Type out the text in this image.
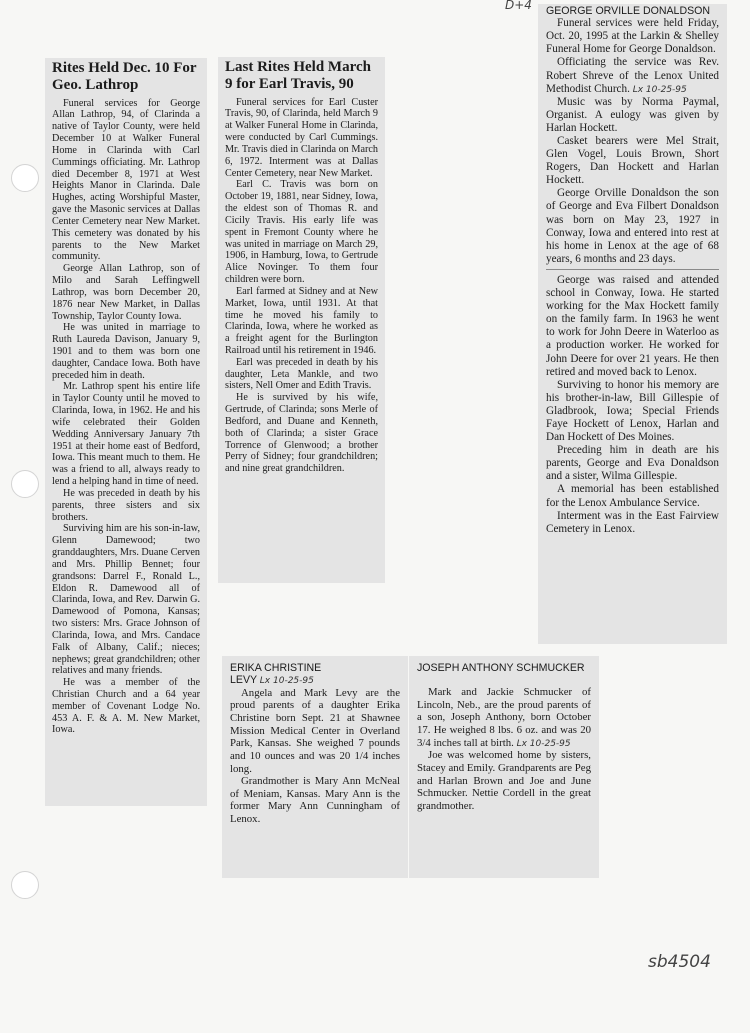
D+4
sb4504
Rites Held Dec. 10 For Geo. Lathrop

Funeral services for George Allan Lathrop, 94, of Clarinda a native of Taylor County, were held December 10 at Walker Funeral Home in Clarinda with Carl Cummings officiating. Mr. Lathrop died December 8, 1971 at West Heights Manor in Clarinda. Dale Hughes, acting Worshipful Master, gave the Masonic services at Dallas Center Cemetery near New Market. This cemetery was donated by his parents to the New Market community.

George Allan Lathrop, son of Milo and Sarah Leffingwell Lathrop, was born December 20, 1876 near New Market, in Dallas Township, Taylor County Iowa.

He was united in marriage to Ruth Laureda Davison, January 9, 1901 and to them was born one daughter, Candace Iowa. Both have preceded him in death.

Mr. Lathrop spent his entire life in Taylor County until he moved to Clarinda, Iowa, in 1962. He and his wife celebrated their Golden Wedding Anniversary January 7th 1951 at their home east of Bedford, Iowa. This meant much to them. He was a friend to all, always ready to lend a helping hand in time of need.

He was preceded in death by his parents, three sisters and six brothers.

Surviving him are his son-in-law, Glenn Damewood; two granddaughters, Mrs. Duane Cerven and Mrs. Phillip Bennet; four grandsons: Darrel F., Ronald L., Eldon R. Damewood all of Clarinda, Iowa, and Rev. Darwin G. Damewood of Pomona, Kansas; two sisters: Mrs. Grace Johnson of Clarinda, Iowa, and Mrs. Candace Falk of Albany, Calif.; nieces; nephews; great grandchildren; other relatives and many friends.

He was a member of the Christian Church and a 64 year member of Covenant Lodge No. 453 A. F. & A. M. New Market, Iowa.

Last Rites Held March 9 for Earl Travis, 90

Funeral services for Earl Custer Travis, 90, of Clarinda, held March 9 at Walker Funeral Home in Clarinda, were conducted by Carl Cummings. Mr. Travis died in Clarinda on March 6, 1972. Interment was at Dallas Center Cemetery, near New Market.

Earl C. Travis was born on October 19, 1881, near Sidney, Iowa, the eldest son of Thomas R. and Cicily Travis. His early life was spent in Fremont County where he was united in marriage on March 29, 1906, in Hamburg, Iowa, to Gertrude Alice Novinger. To them four children were born.

Earl farmed at Sidney and at New Market, Iowa, until 1931. At that time he moved his family to Clarinda, Iowa, where he worked as a freight agent for the Burlington Railroad until his retirement in 1946.

Earl was preceded in death by his daughter, Leta Mankle, and two sisters, Nell Omer and Edith Travis.

He is survived by his wife, Gertrude, of Clarinda; sons Merle of Bedford, and Duane and Kenneth, both of Clarinda; a sister Grace Torrence of Glenwood; a brother Perry of Sidney; four grandchildren; and nine great grandchildren.

GEORGE ORVILLE DONALDSON

Funeral services were held Friday, Oct. 20, 1995 at the Larkin & Shelley Funeral Home for George Donaldson.

Officiating the service was Rev. Robert Shreve of the Lenox United Methodist Church. Lx 10-25-95

Music was by Norma Paymal, Organist. A eulogy was given by Harlan Hockett.

Casket bearers were Mel Strait, Glen Vogel, Louis Brown, Short Rogers, Dan Hockett and Harlan Hockett.

George Orville Donaldson the son of George and Eva Filbert Donaldson was born on May 23, 1927 in Conway, Iowa and entered into rest at his home in Lenox at the age of 68 years, 6 months and 23 days.

George was raised and attended school in Conway, Iowa. He started working for the Max Hockett family on the family farm. In 1963 he went to work for John Deere in Waterloo as a production worker. He worked for John Deere for over 21 years. He then retired and moved back to Lenox.

Surviving to honor his memory are his brother-in-law, Bill Gillespie of Gladbrook, Iowa; Special Friends Faye Hockett of Lenox, Harlan and Dan Hockett of Des Moines.

Preceding him in death are his parents, George and Eva Donaldson and a sister, Wilma Gillespie.

A memorial has been established for the Lenox Ambulance Service.

Interment was in the East Fairview Cemetery in Lenox.

ERIKA CHRISTINE
LEVY Lx 10-25-95

Angela and Mark Levy are the proud parents of a daughter Erika Christine born Sept. 21 at Shawnee Mission Medical Center in Overland Park, Kansas. She weighed 7 pounds and 10 ounces and was 20 1/4 inches long.

Grandmother is Mary Ann McNeal of Meniam, Kansas. Mary Ann is the former Mary Ann Cunningham of Lenox.

JOSEPH ANTHONY SCHMUCKER

Mark and Jackie Schmucker of Lincoln, Neb., are the proud parents of a son, Joseph Anthony, born October 17. He weighed 8 lbs. 6 oz. and was 20 3/4 inches tall at birth. Lx 10-25-95

Joe was welcomed home by sisters, Stacey and Emily. Grandparents are Peg and Harlan Brown and Joe and June Schmucker. Nettie Cordell in the great grandmother.
